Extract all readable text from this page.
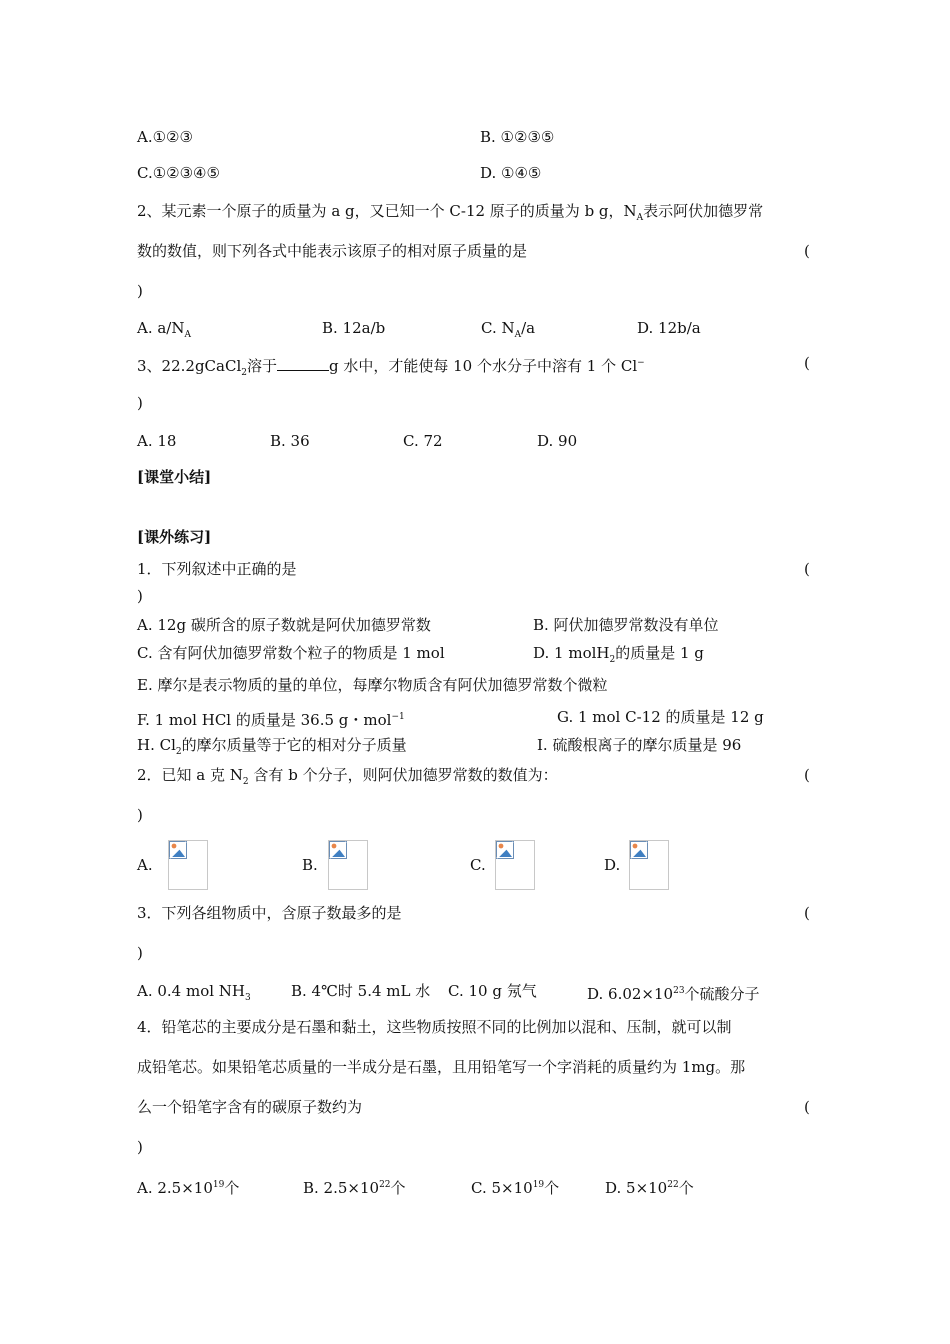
A.①②③	B. ①②③⑤
C.①②③④⑤	D. ①④⑤
2、某元素一个原子的质量为 a g，又已知一个 C-12 原子的质量为 b g，$N_A$表示阿伏加德罗常
数的数值，则下列各式中能表示该原子的相对原子质量的是	(
)
A. $a/N_A$	B. 12a/b	C. $N_A/a$	D. 12b/a
3、22.2gCaCl$_2$溶于	g 水中，才能使每 10 个水分子中溶有 1 个 Cl−	(
)
A. 18	B. 36	C. 72	D. 90
[课堂小结]
[课外练习]
1．下列叙述中正确的是	(
)
A. 12g 碳所含的原子数就是阿伏加德罗常数	B. 阿伏加德罗常数没有单位
C. 含有阿伏加德罗常数个粒子的物质是 1 mol	D. 1 molH$_2$的质量是 1 g
E. 摩尔是表示物质的量的单位，每摩尔物质含有阿伏加德罗常数个微粒
F. 1 mol HCl 的质量是 36.5 g・mol$^{-1}$	G. 1 mol C-12 的质量是 12 g
H. $Cl_2$的摩尔质量等于它的相对分子质量	I. 硫酸根离子的摩尔质量是 96
2．已知 a 克 $N_2$ 含有 b 个分子，则阿伏加德罗常数的数值为：	(
)
A.	B.	C.	D.
3．下列各组物质中，含原子数最多的是	(
)
A. 0.4 mol $NH_3$	B. 4℃时 5.4 mL 水 C. 10 g 氖气	D. $6.02\times 10^{23}$个硫酸分子
4．铅笔芯的主要成分是石墨和黏土，这些物质按照不同的比例加以混和、压制，就可以制
成铅笔芯。如果铅笔芯质量的一半成分是石墨，且用铅笔写一个字消耗的质量约为 1mg。那
么一个铅笔字含有的碳原子数约为	(
)
A. $2.5\times 10^{19}$个	B. $2.5\times 10^{22}$个	C. $5\times 10^{19}$个	D. $5\times 10^{22}$个
